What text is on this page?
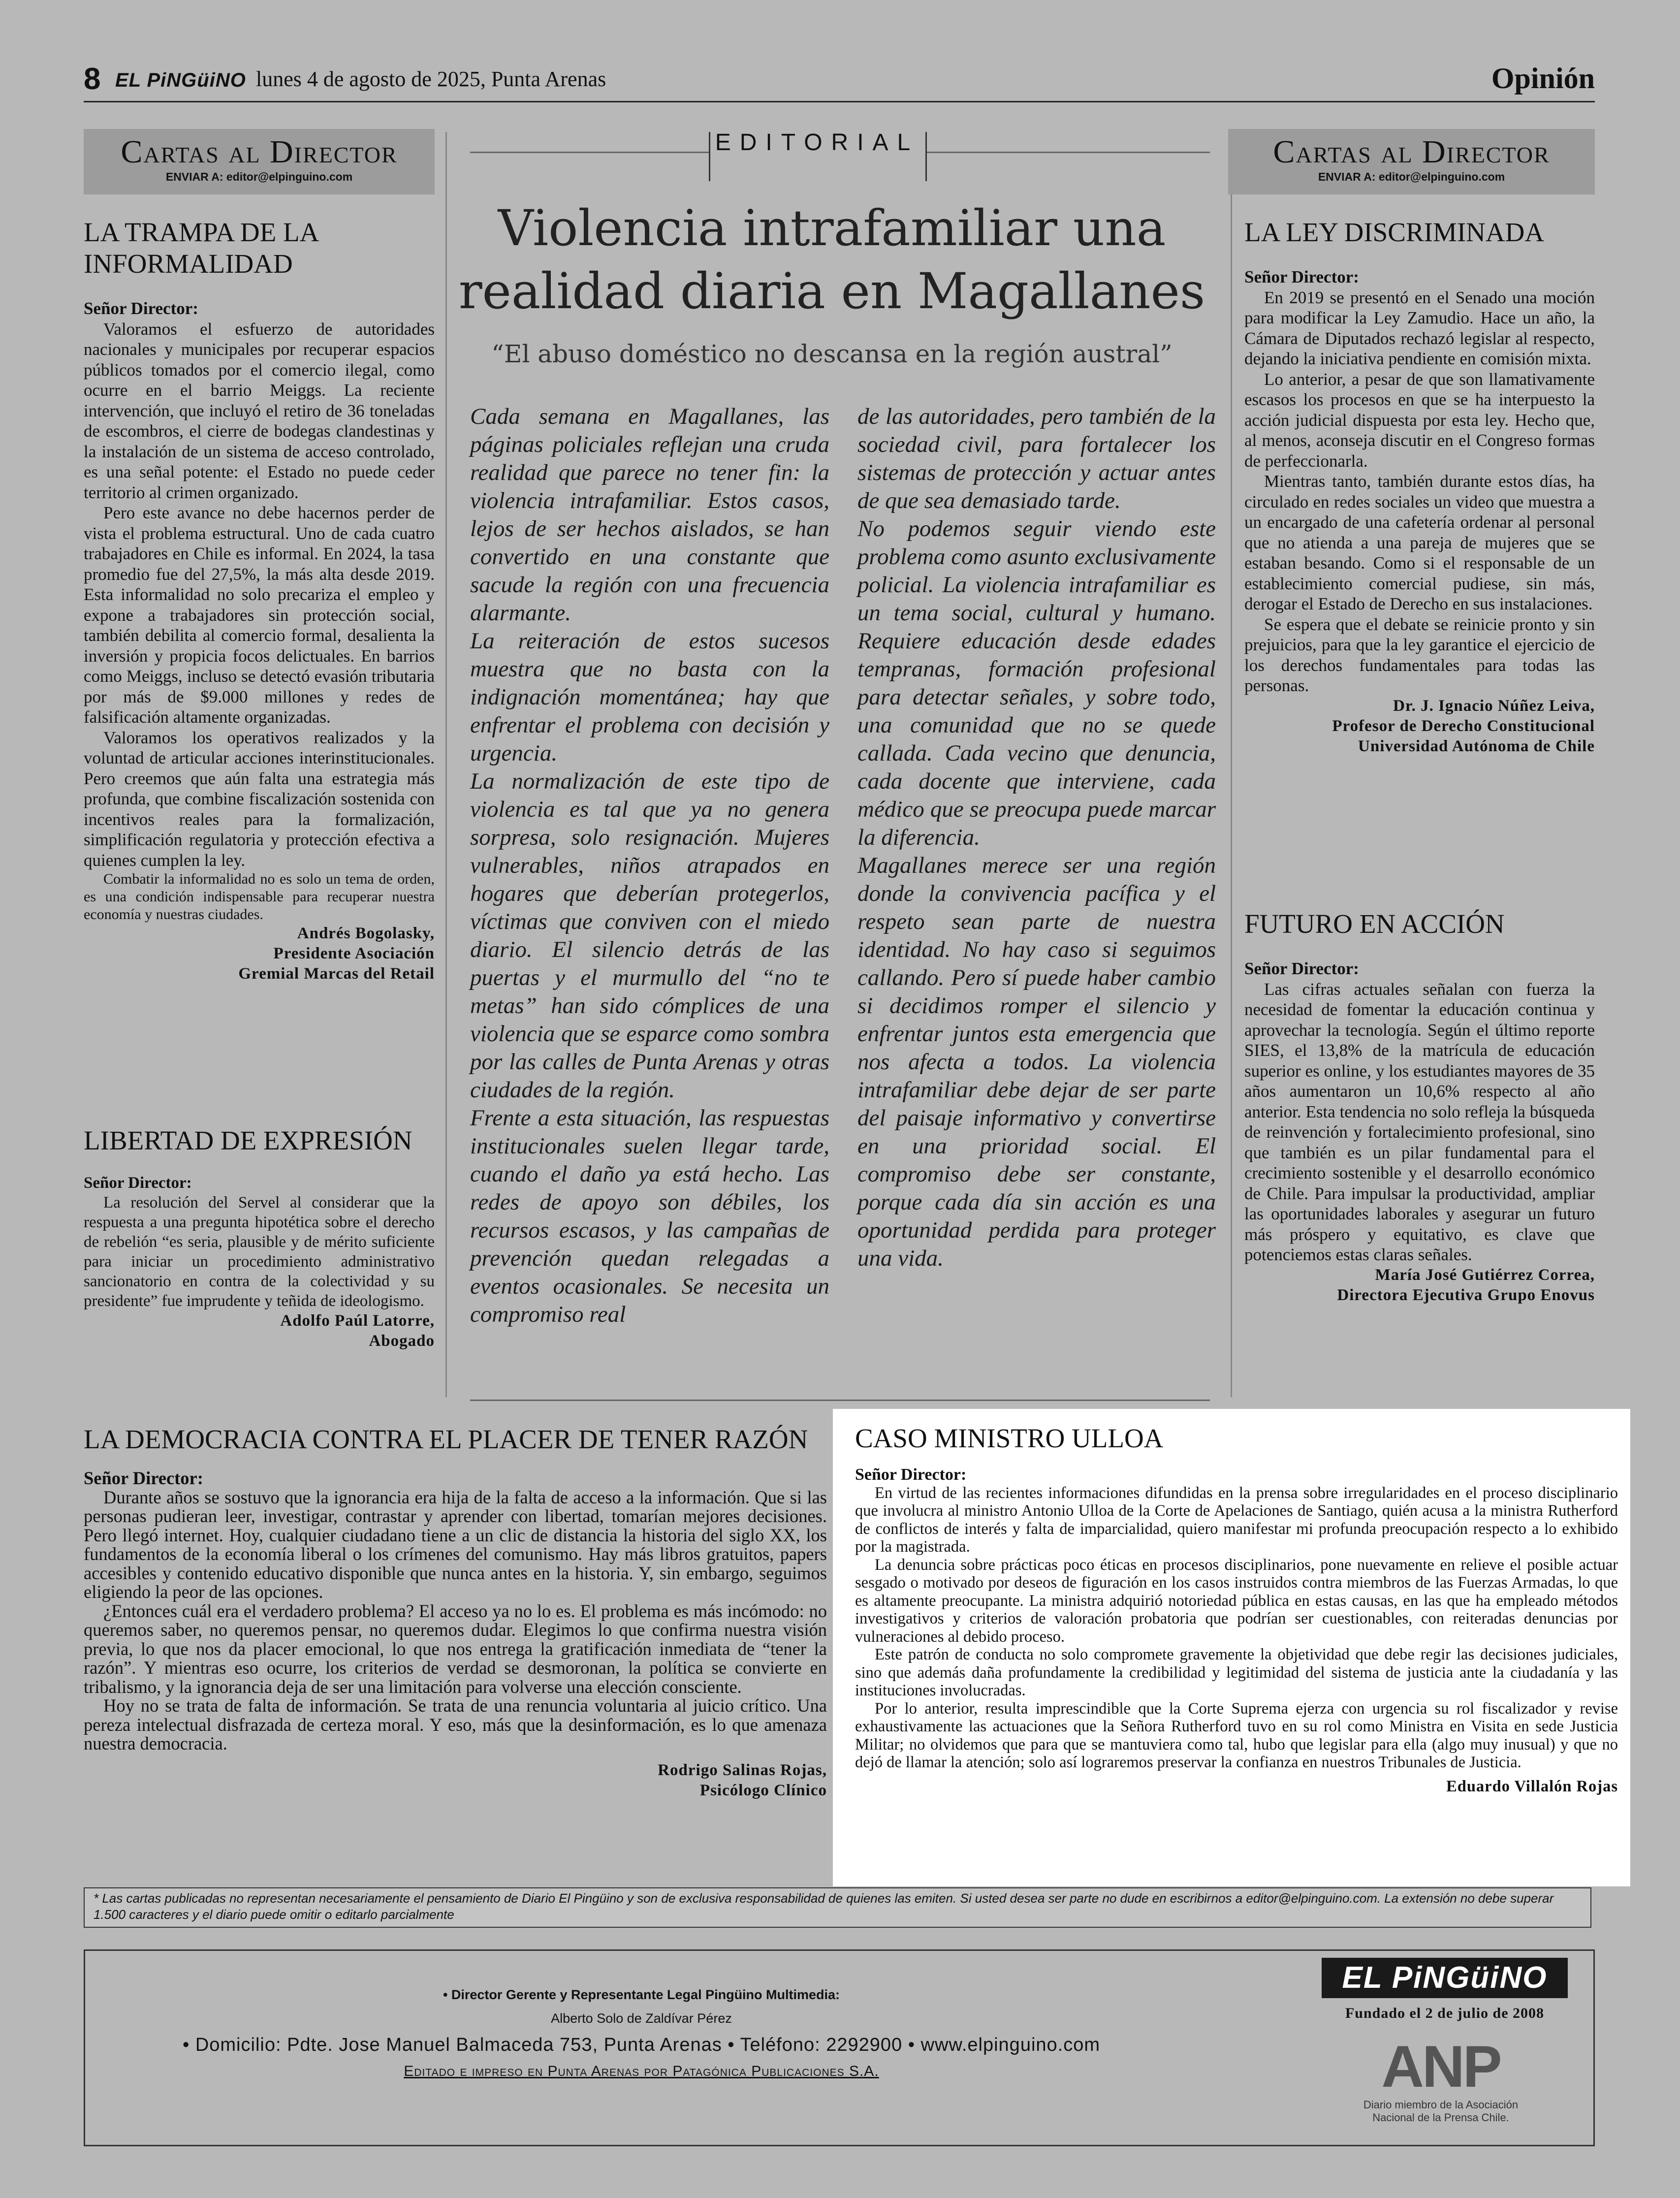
8 EL PiNGüiNO lunes 4 de agosto de 2025, Punta Arenas	Opinión
Cartas al Director
ENVIAR A: editor@elpinguino.com
LA TRAMPA DE LA INFORMALIDAD

Señor Director:

Valoramos el esfuerzo de autoridades nacionales y municipales por recuperar espacios públicos tomados por el comercio ilegal, como ocurre en el barrio Meiggs. La reciente intervención, que incluyó el retiro de 36 toneladas de escombros, el cierre de bodegas clandestinas y la instalación de un sistema de acceso controlado, es una señal potente: el Estado no puede ceder territorio al crimen organizado.

Pero este avance no debe hacernos perder de vista el problema estructural. Uno de cada cuatro trabajadores en Chile es informal. En 2024, la tasa promedio fue del 27,5%, la más alta desde 2019. Esta informalidad no solo precariza el empleo y expone a trabajadores sin protección social, también debilita al comercio formal, desalienta la inversión y propicia focos delictuales. En barrios como Meiggs, incluso se detectó evasión tributaria por más de $9.000 millones y redes de falsificación altamente organizadas.

Valoramos los operativos realizados y la voluntad de articular acciones interinstitucionales. Pero creemos que aún falta una estrategia más profunda, que combine fiscalización sostenida con incentivos reales para la formalización, simplificación regulatoria y protección efectiva a quienes cumplen la ley.

Combatir la informalidad no es solo un tema de orden, es una condición indispensable para recuperar nuestra economía y nuestras ciudades.

Andrés Bogolasky,

Presidente Asociación

Gremial Marcas del Retail

LIBERTAD DE EXPRESIÓN

Señor Director:

La resolución del Servel al considerar que la respuesta a una pregunta hipotética sobre el derecho de rebelión “es seria, plausible y de mérito suficiente para iniciar un procedimiento administrativo sancionatorio en contra de la colectividad y su presidente” fue imprudente y teñida de ideologismo.

Adolfo Paúl Latorre,

Abogado

EDITORIAL
Violencia intrafamiliar una realidad diaria en Magallanes
“El abuso doméstico no descansa en la región austral”

Cada semana en Magallanes, las páginas policiales reflejan una cruda realidad que parece no tener fin: la violencia intrafamiliar. Estos casos, lejos de ser hechos aislados, se han convertido en una constante que sacude la región con una frecuencia alarmante.

La reiteración de estos sucesos muestra que no basta con la indignación momentánea; hay que enfrentar el problema con decisión y urgencia.

La normalización de este tipo de violencia es tal que ya no genera sorpresa, solo resignación. Mujeres vulnerables, niños atrapados en hogares que deberían protegerlos, víctimas que conviven con el miedo diario. El silencio detrás de las puertas y el murmullo del “no te metas” han sido cómplices de una violencia que se esparce como sombra por las calles de Punta Arenas y otras ciudades de la región.

Frente a esta situación, las respuestas institucionales suelen llegar tarde, cuando el daño ya está hecho. Las redes de apoyo son débiles, los recursos escasos, y las campañas de prevención quedan relegadas a eventos ocasionales. Se necesita un compromiso real

de las autoridades, pero también de la sociedad civil, para fortalecer los sistemas de protección y actuar antes de que sea demasiado tarde.

No podemos seguir viendo este problema como asunto exclusivamente policial. La violencia intrafamiliar es un tema social, cultural y humano. Requiere educación desde edades tempranas, formación profesional para detectar señales, y sobre todo, una comunidad que no se quede callada. Cada vecino que denuncia, cada docente que interviene, cada médico que se preocupa puede marcar la diferencia.

Magallanes merece ser una región donde la convivencia pacífica y el respeto sean parte de nuestra identidad. No hay caso si seguimos callando. Pero sí puede haber cambio si decidimos romper el silencio y enfrentar juntos esta emergencia que nos afecta a todos. La violencia intrafamiliar debe dejar de ser parte del paisaje informativo y convertirse en una prioridad social. El compromiso debe ser constante, porque cada día sin acción es una oportunidad perdida para proteger una vida.

Cartas al Director
ENVIAR A: editor@elpinguino.com
LA LEY DISCRIMINADA

Señor Director:

En 2019 se presentó en el Senado una moción para modificar la Ley Zamudio. Hace un año, la Cámara de Diputados rechazó legislar al respecto, dejando la iniciativa pendiente en comisión mixta.

Lo anterior, a pesar de que son llamativamente escasos los procesos en que se ha interpuesto la acción judicial dispuesta por esta ley. Hecho que, al menos, aconseja discutir en el Congreso formas de perfeccionarla.

Mientras tanto, también durante estos días, ha circulado en redes sociales un video que muestra a un encargado de una cafetería ordenar al personal que no atienda a una pareja de mujeres que se estaban besando. Como si el responsable de un establecimiento comercial pudiese, sin más, derogar el Estado de Derecho en sus instalaciones.

Se espera que el debate se reinicie pronto y sin prejuicios, para que la ley garantice el ejercicio de los derechos fundamentales para todas las personas.

Dr. J. Ignacio Núñez Leiva,

Profesor de Derecho Constitucional

Universidad Autónoma de Chile

FUTURO EN ACCIÓN

Señor Director:

Las cifras actuales señalan con fuerza la necesidad de fomentar la educación continua y aprovechar la tecnología. Según el último reporte SIES, el 13,8% de la matrícula de educación superior es online, y los estudiantes mayores de 35 años aumentaron un 10,6% respecto al año anterior. Esta tendencia no solo refleja la búsqueda de reinvención y fortalecimiento profesional, sino que también es un pilar fundamental para el crecimiento sostenible y el desarrollo económico de Chile. Para impulsar la productividad, ampliar las oportunidades laborales y asegurar un futuro más próspero y equitativo, es clave que potenciemos estas claras señales.

María José Gutiérrez Correa,

Directora Ejecutiva Grupo Enovus

LA DEMOCRACIA CONTRA EL PLACER DE TENER RAZÓN

Señor Director:

Durante años se sostuvo que la ignorancia era hija de la falta de acceso a la información. Que si las personas pudieran leer, investigar, contrastar y aprender con libertad, tomarían mejores decisiones. Pero llegó internet. Hoy, cualquier ciudadano tiene a un clic de distancia la historia del siglo XX, los fundamentos de la economía liberal o los crímenes del comunismo. Hay más libros gratuitos, papers accesibles y contenido educativo disponible que nunca antes en la historia. Y, sin embargo, seguimos eligiendo la peor de las opciones.

¿Entonces cuál era el verdadero problema? El acceso ya no lo es. El problema es más incómodo: no queremos saber, no queremos pensar, no queremos dudar. Elegimos lo que confirma nuestra visión previa, lo que nos da placer emocional, lo que nos entrega la gratificación inmediata de “tener la razón”. Y mientras eso ocurre, los criterios de verdad se desmoronan, la política se convierte en tribalismo, y la ignorancia deja de ser una limitación para volverse una elección consciente.

Hoy no se trata de falta de información. Se trata de una renuncia voluntaria al juicio crítico. Una pereza intelectual disfrazada de certeza moral. Y eso, más que la desinformación, es lo que amenaza nuestra democracia.

Rodrigo Salinas Rojas,

Psicólogo Clínico

CASO MINISTRO ULLOA

Señor Director:

En virtud de las recientes informaciones difundidas en la prensa sobre irregularidades en el proceso disciplinario que involucra al ministro Antonio Ulloa de la Corte de Apelaciones de Santiago, quién acusa a la ministra Rutherford de conflictos de interés y falta de imparcialidad, quiero manifestar mi profunda preocupación respecto a lo exhibido por la magistrada.

La denuncia sobre prácticas poco éticas en procesos disciplinarios, pone nuevamente en relieve el posible actuar sesgado o motivado por deseos de figuración en los casos instruidos contra miembros de las Fuerzas Armadas, lo que es altamente preocupante. La ministra adquirió notoriedad pública en estas causas, en las que ha empleado métodos investigativos y criterios de valoración probatoria que podrían ser cuestionables, con reiteradas denuncias por vulneraciones al debido proceso.

Este patrón de conducta no solo compromete gravemente la objetividad que debe regir las decisiones judiciales, sino que además daña profundamente la credibilidad y legitimidad del sistema de justicia ante la ciudadanía y las instituciones involucradas.

Por lo anterior, resulta imprescindible que la Corte Suprema ejerza con urgencia su rol fiscalizador y revise exhaustivamente las actuaciones que la Señora Rutherford tuvo en su rol como Ministra en Visita en sede Justicia Militar; no olvidemos que para que se mantuviera como tal, hubo que legislar para ella (algo muy inusual) y que no dejó de llamar la atención; solo así lograremos preservar la confianza en nuestros Tribunales de Justicia.

Eduardo Villalón Rojas

* Las cartas publicadas no representan necesariamente el pensamiento de Diario El Pingüino y son de exclusiva responsabilidad de quienes las emiten. Si usted desea ser parte no dude en escribirnos a editor@elpinguino.com. La extensión no debe superar 1.500 caracteres y el diario puede omitir o editarlo parcialmente
• Director Gerente y Representante Legal Pingüino Multimedia:
Alberto Solo de Zaldívar Pérez
• Domicilio: Pdte. Jose Manuel Balmaceda 753, Punta Arenas • Teléfono: 2292900 • www.elpinguino.com
Editado e impreso en Punta Arenas por Patagónica Publicaciones S.A.
EL PiNGüiNO
Fundado el 2 de julio de 2008
ANP
Diario miembro de la Asociación
Nacional de la Prensa Chile.
